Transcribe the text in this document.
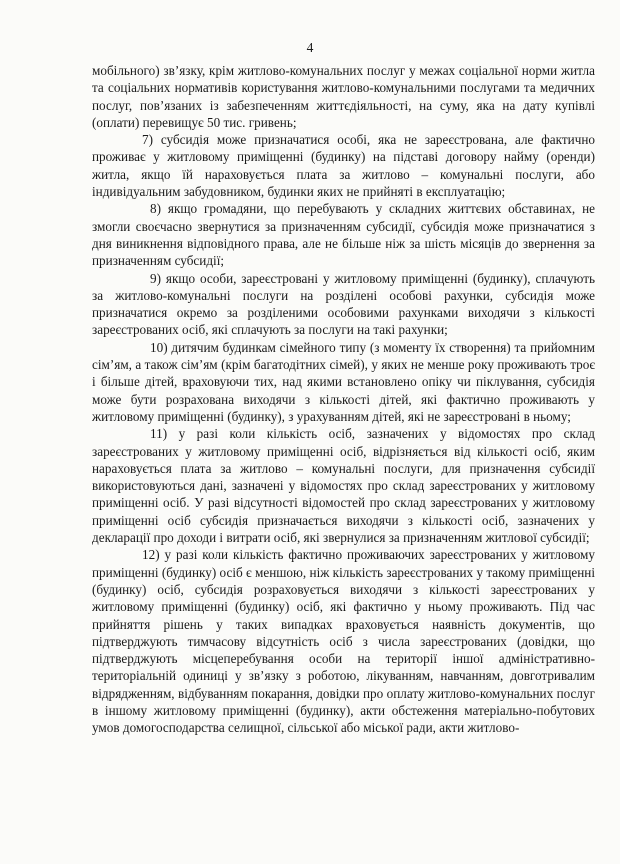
4

мобільного) зв’язку, крім житлово-комунальних послуг у межах соціальної норми житла та соціальних нормативів користування житлово-комунальними послугами та медичних послуг, пов’язаних із забезпеченням життєдіяльності, на суму, яка на дату купівлі (оплати) перевищує 50 тис. гривень;

7) субсидія може призначатися особі, яка не зареєстрована, але фактично проживає у житловому приміщенні (будинку) на підставі договору найму (оренди) житла, якщо їй нараховується плата за житлово – комунальні послуги, або індивідуальним забудовником, будинки яких не прийняті в експлуатацію;

8) якщо громадяни, що перебувають у складних життєвих обставинах, не змогли своєчасно звернутися за призначенням субсидії, субсидія може призначатися з дня виникнення відповідного права, але не більше ніж за шість місяців до звернення за призначенням субсидії;

9) якщо особи, зареєстровані у житловому приміщенні (будинку), сплачують за житлово-комунальні послуги на розділені особові рахунки, субсидія може призначатися окремо за розділеними особовими рахунками виходячи з кількості зареєстрованих осіб, які сплачують за послуги на такі рахунки;

10) дитячим будинкам сімейного типу (з моменту їх створення) та прийомним сім’ям, а також сім’ям (крім багатодітних сімей), у яких не менше року проживають троє і більше дітей, враховуючи тих, над якими встановлено опіку чи піклування, субсидія може бути розрахована виходячи з кількості дітей, які фактично проживають у житловому приміщенні (будинку), з урахуванням дітей, які не зареєстровані в ньому;

11) у разі коли кількість осіб, зазначених у відомостях про склад зареєстрованих у житловому приміщенні осіб, відрізняється від кількості осіб, яким нараховується плата за житлово – комунальні послуги, для призначення субсидії використовуються дані, зазначені у відомостях про склад зареєстрованих у житловому приміщенні осіб. У разі відсутності відомостей про склад зареєстрованих у житловому приміщенні осіб субсидія призначається виходячи з кількості осіб, зазначених у декларації про доходи і витрати осіб, які звернулися за призначенням житлової субсидії;

12) у разі коли кількість фактично проживаючих зареєстрованих у житловому приміщенні (будинку) осіб є меншою, ніж кількість зареєстрованих у такому приміщенні (будинку) осіб, субсидія розраховується виходячи з кількості зареєстрованих у житловому приміщенні (будинку) осіб, які фактично у ньому проживають. Під час прийняття рішень у таких випадках враховується наявність документів, що підтверджують тимчасову відсутність осіб з числа зареєстрованих (довідки, що підтверджують місцеперебування особи на території іншої адміністративно-територіальній одиниці у зв’язку з роботою, лікуванням, навчанням, довготривалим відрядженням, відбуванням покарання, довідки про оплату житлово-комунальних послуг в іншому житловому приміщенні (будинку), акти обстеження матеріально-побутових умов домогосподарства селищної, сільської або міської ради, акти житлово-
